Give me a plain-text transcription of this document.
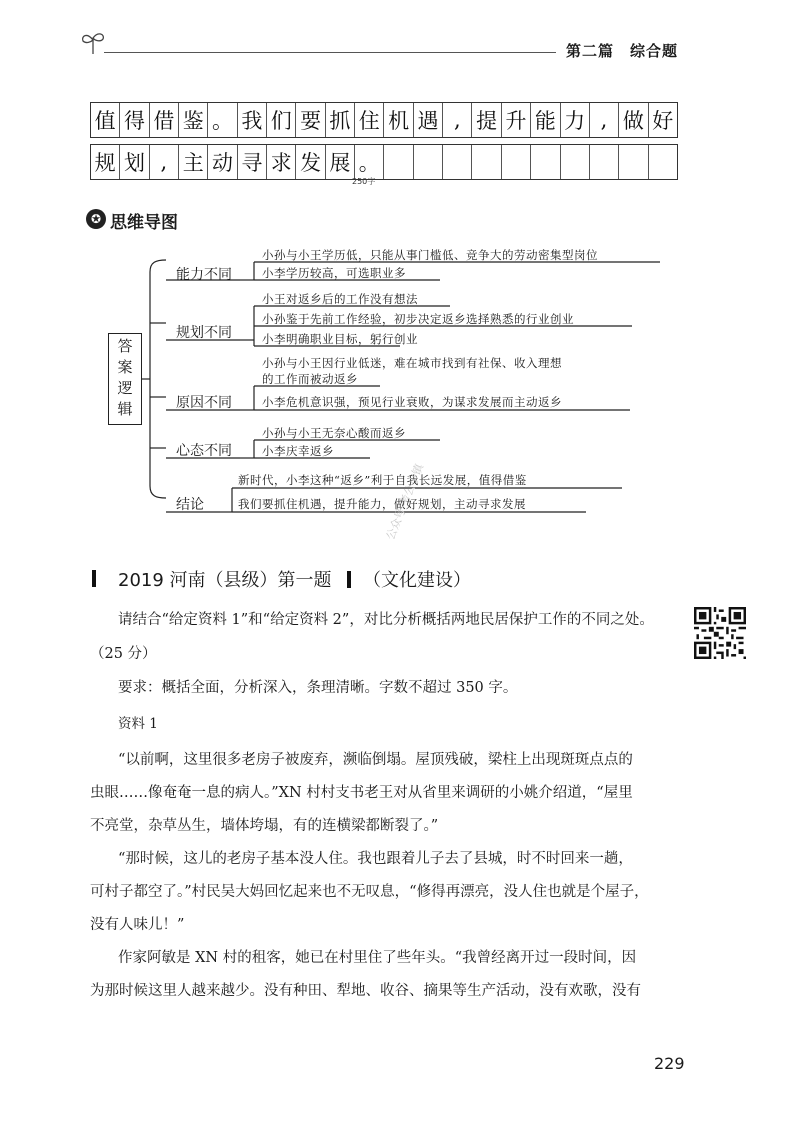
第二篇　综合题
值 得 借 鉴 。 我 们 要 抓 住 机 遇 , 提 升 能 力 , 做 好
规 划 , 主 动 寻 求 发 展 。
250字
✪ 思维导图
答
案
逻
辑
能力不同
小孙与小王学历低，只能从事门槛低、竞争大的劳动密集型岗位
小李学历较高，可选职业多
规划不同
小王对返乡后的工作没有想法
小孙鉴于先前工作经验，初步决定返乡选择熟悉的行业创业
小李明确职业目标，躬行创业
原因不同
小孙与小王因行业低迷，难在城市找到有社保、收入理想
的工作而被动返乡
小李危机意识强，预见行业衰败，为谋求发展而主动返乡
心态不同
小孙与小王无奈心酸而返乡
小李庆幸返乡
结论
新时代，小李这种“返乡”利于自我长远发展，值得借鉴
我们要抓住机遇，提升能力，做好规划，主动寻求发展
公众号·考公小镇
2019 河南（县级）第一题 （文化建设）
请结合“给定资料 1”和“给定资料 2”，对比分析概括两地民居保护工作的不同之处。
（25 分）
要求：概括全面，分析深入，条理清晰。字数不超过 350 字。
资料 1
“以前啊，这里很多老房子被废弃，濒临倒塌。屋顶残破，梁柱上出现斑斑点点的
虫眼……像奄奄一息的病人。”XN 村村支书老王对从省里来调研的小姚介绍道，“屋里
不亮堂，杂草丛生，墙体垮塌，有的连横梁都断裂了。”
“那时候，这儿的老房子基本没人住。我也跟着儿子去了县城，时不时回来一趟，
可村子都空了。”村民吴大妈回忆起来也不无叹息，“修得再漂亮，没人住也就是个屋子，
没有人味儿！”
作家阿敏是 XN 村的租客，她已在村里住了些年头。“我曾经离开过一段时间，因
为那时候这里人越来越少。没有种田、犁地、收谷、摘果等生产活动，没有欢歌，没有
229
